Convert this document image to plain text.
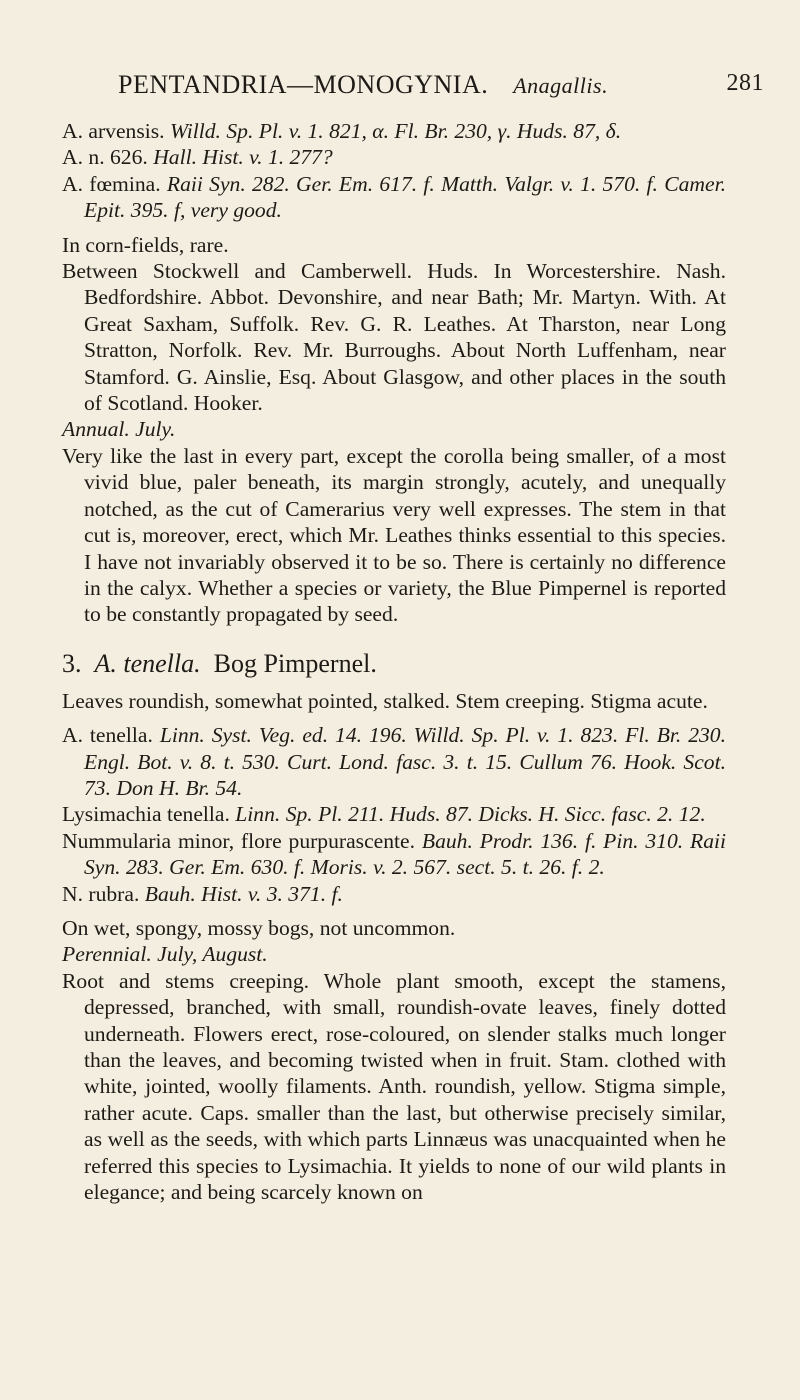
PENTANDRIA—MONOGYNIA. Anagallis.	281

A. arvensis. Willd. Sp. Pl. v. 1. 821, α. Fl. Br. 230, γ. Huds. 87, δ.

A. n. 626. Hall. Hist. v. 1. 277?

A. fœmina. Raii Syn. 282. Ger. Em. 617. f. Matth. Valgr. v. 1. 570. f. Camer. Epit. 395. f, very good.

In corn-fields, rare.

Between Stockwell and Camberwell. Huds. In Worcestershire. Nash. Bedfordshire. Abbot. Devonshire, and near Bath; Mr. Martyn. With. At Great Saxham, Suffolk. Rev. G. R. Leathes. At Tharston, near Long Stratton, Norfolk. Rev. Mr. Burroughs. About North Luffenham, near Stamford. G. Ainslie, Esq. About Glasgow, and other places in the south of Scotland. Hooker.

Annual. July.

Very like the last in every part, except the corolla being smaller, of a most vivid blue, paler beneath, its margin strongly, acutely, and unequally notched, as the cut of Camerarius very well expresses. The stem in that cut is, moreover, erect, which Mr. Leathes thinks essential to this species. I have not invariably observed it to be so. There is certainly no difference in the calyx. Whether a species or variety, the Blue Pimpernel is reported to be constantly propagated by seed.

3. A. tenella. Bog Pimpernel.

Leaves roundish, somewhat pointed, stalked. Stem creeping. Stigma acute.

A. tenella. Linn. Syst. Veg. ed. 14. 196. Willd. Sp. Pl. v. 1. 823. Fl. Br. 230. Engl. Bot. v. 8. t. 530. Curt. Lond. fasc. 3. t. 15. Cullum 76. Hook. Scot. 73. Don H. Br. 54.

Lysimachia tenella. Linn. Sp. Pl. 211. Huds. 87. Dicks. H. Sicc. fasc. 2. 12.

Nummularia minor, flore purpurascente. Bauh. Prodr. 136. f. Pin. 310. Raii Syn. 283. Ger. Em. 630. f. Moris. v. 2. 567. sect. 5. t. 26. f. 2.

N. rubra. Bauh. Hist. v. 3. 371. f.

On wet, spongy, mossy bogs, not uncommon.

Perennial. July, August.

Root and stems creeping. Whole plant smooth, except the stamens, depressed, branched, with small, roundish-ovate leaves, finely dotted underneath. Flowers erect, rose-coloured, on slender stalks much longer than the leaves, and becoming twisted when in fruit. Stam. clothed with white, jointed, woolly filaments. Anth. roundish, yellow. Stigma simple, rather acute. Caps. smaller than the last, but otherwise precisely similar, as well as the seeds, with which parts Linnæus was unacquainted when he referred this species to Lysimachia. It yields to none of our wild plants in elegance; and being scarcely known on
